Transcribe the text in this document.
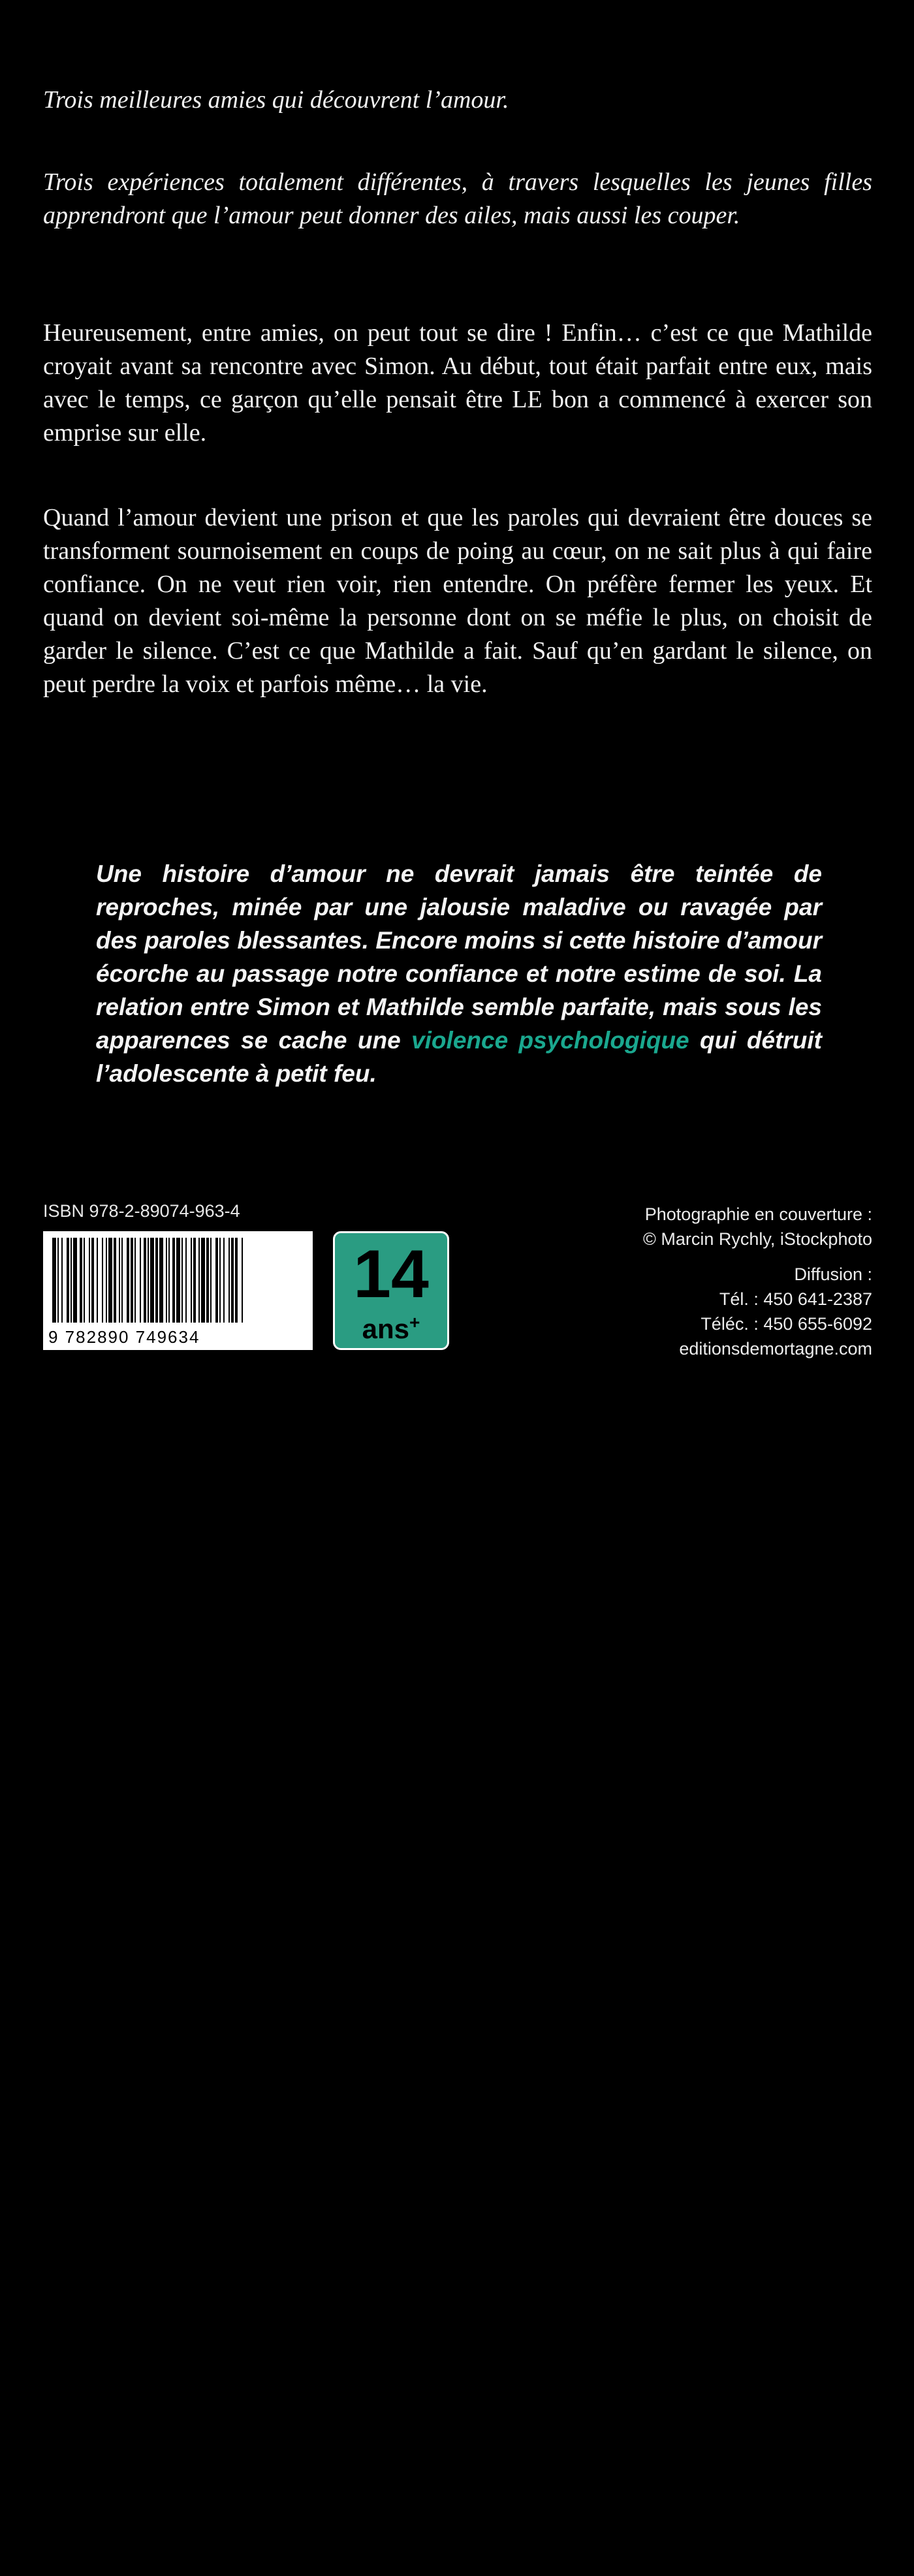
Trois meilleures amies qui découvrent l’amour.

Trois expériences totalement différentes, à travers lesquelles les jeunes filles apprendront que l’amour peut donner des ailes, mais aussi les couper.

Heureusement, entre amies, on peut tout se dire ! Enfin… c’est ce que Mathilde croyait avant sa rencontre avec Simon. Au début, tout était parfait entre eux, mais avec le temps, ce garçon qu’elle pensait être LE bon a commencé à exercer son emprise sur elle.

Quand l’amour devient une prison et que les paroles qui devraient être douces se transforment sournoisement en coups de poing au cœur, on ne sait plus à qui faire confiance. On ne veut rien voir, rien entendre. On préfère fermer les yeux. Et quand on devient soi-même la personne dont on se méfie le plus, on choisit de garder le silence. C’est ce que Mathilde a fait. Sauf qu’en gardant le silence, on peut perdre la voix et parfois même… la vie.

Une histoire d’amour ne devrait jamais être teintée de reproches, minée par une jalousie maladive ou ravagée par des paroles blessantes. Encore moins si cette histoire d’amour écorche au passage notre confiance et notre estime de soi. La relation entre Simon et Mathilde semble parfaite, mais sous les apparences se cache une violence psychologique qui détruit l’adolescente à petit feu.

ISBN 978-2-89074-963-4

9 782890 749634
16,95 $
14
ans+

Photographie en couverture :

© Marcin Rychly, iStockphoto

Diffusion :

Tél. : 450 641-2387

Téléc. : 450 655-6092

editionsdemortagne.com
